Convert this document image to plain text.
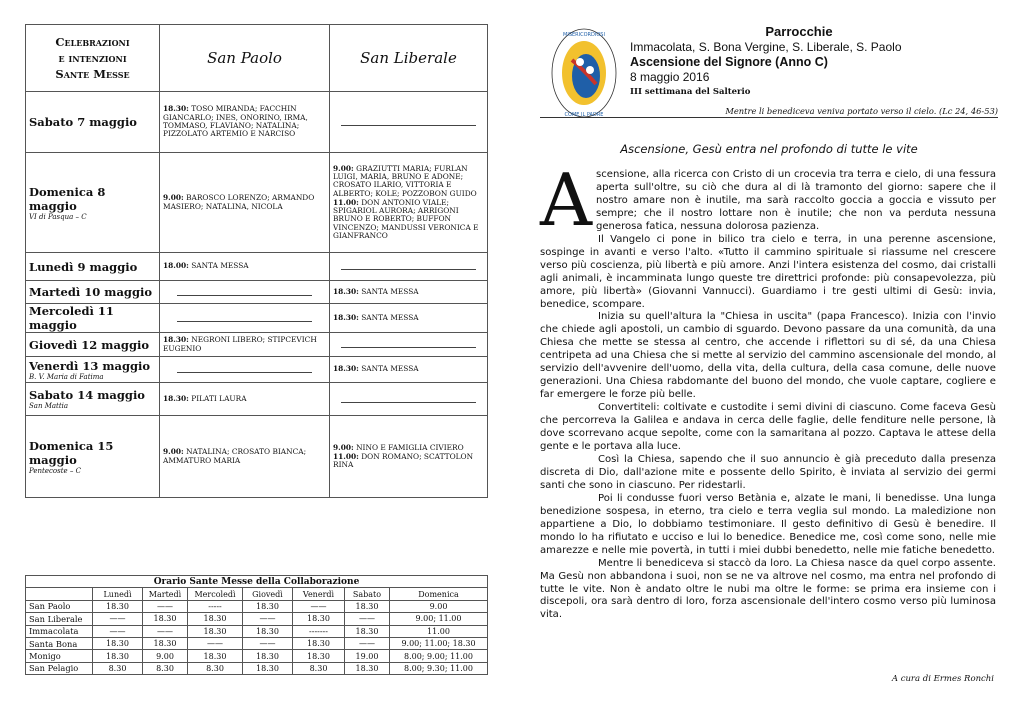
Celebrazioni
e intenzioni
Sante Messe	San Paolo	San Liberale
Sabato 7 maggio	18.30: TOSO MIRANDA; FACCHIN GIANCARLO; INES, ONORINO, IRMA, TOMMASO, FLAVIANO; NATALINA; PIZZOLATO ARTEMIO E NARCISO	

Domenica 8 maggio
VI di Pasqua – C	9.00: BAROSCO LORENZO; ARMANDO MASIERO; NATALINA, NICOLA	9.00: GRAZIUTTI MARIA; FURLAN LUIGI, MARIA, BRUNO E ADONE; CROSATO ILARIO, VITTORIA E ALBERTO; KOLE; POZZOBON GUIDO
11.00: DON ANTONIO VIALE; SPIGARIOL AURORA; ARRIGONI BRUNO E ROBERTO; BUFFON VINCENZO; MANDUSSI VERONICA E GIANFRANCO

Lunedì 9 maggio	18.00: SANTA MESSA	

Martedì 10 maggio		18.30: SANTA MESSA

Mercoledì 11 maggio		18.30: SANTA MESSA

Giovedì 12 maggio	18.30: NEGRONI LIBERO; STIPCEVICH EUGENIO	

Venerdì 13 maggio
B. V. Maria di Fatima		18.30: SANTA MESSA

Sabato 14 maggio
San Mattia	18.30: PILATI LAURA	

Domenica 15 maggio
Pentecoste – C	9.00: NATALINA; CROSATO BIANCA; AMMATURO MARIA	9.00: NINO E FAMIGLIA CIVIERO
11.00: DON ROMANO; SCATTOLON RINA
Orario Sante Messe della Collaborazione							
	Lunedì	Martedì	Mercoledì	Giovedì	Venerdì	Sabato	Domenica
San Paolo	18.30	——	-----	18.30	——	18.30	9.00
San Liberale	——	18.30	18.30	——	18.30	——	9.00; 11.00
Immacolata	——	——	18.30	18.30	-------	18.30	11.00
Santa Bona	18.30	18.30	——	——	18.30	——	9.00; 11.00; 18.30
Monigo	18.30	9.00	18.30	18.30	18.30	19.00	8.00; 9.00; 11.00
San Pelagio	8.30	8.30	8.30	18.30	8.30	18.30	8.00; 9.30; 11.00
MISERICORDIOSI
COME IL PADRE
Parrocchie
Immacolata, S. Bona Vergine, S. Liberale, S. Paolo
Ascensione del Signore (Anno C)
8 maggio 2016
III settimana del Salterio
Mentre li benediceva veniva portato verso il cielo. (Lc 24, 46-53)
Ascensione, Gesù entra nel profondo di tutte le vite

Ascensione, alla ricerca con Cristo di un crocevia tra terra e cielo, di una fessura aperta sull'oltre, su ciò che dura al di là tramonto del giorno: sapere che il nostro amare non è inutile, ma sarà raccolto goccia a goccia e vissuto per sempre; che il nostro lottare non è inutile; che non va perduta nessuna generosa fatica, nessuna dolorosa pazienza.

Il Vangelo ci pone in bilico tra cielo e terra, in una perenne ascensione, sospinge in avanti e verso l'alto. «Tutto il cammino spirituale si riassume nel crescere verso più coscienza, più libertà e più amore. Anzi l'intera esistenza del cosmo, dai cristalli agli animali, è incamminata lungo queste tre direttrici profonde: più consapevolezza, più amore, più libertà» (Giovanni Vannucci). Guardiamo i tre gesti ultimi di Gesù: invia, benedice, scompare.

Inizia su quell'altura la "Chiesa in uscita" (papa Francesco). Inizia con l'invio che chiede agli apostoli, un cambio di sguardo. Devono passare da una comunità, da una Chiesa che mette se stessa al centro, che accende i riflettori su di sé, da una Chiesa centripeta ad una Chiesa che si mette al servizio del cammino ascensionale del mondo, al servizio dell'avvenire dell'uomo, della vita, della cultura, della casa comune, delle nuove generazioni. Una Chiesa rabdomante del buono del mondo, che vuole captare, cogliere e far emergere le forze più belle.

Convertiteli: coltivate e custodite i semi divini di ciascuno. Come faceva Gesù che percorreva la Galilea e andava in cerca delle faglie, delle fenditure nelle persone, là dove scorrevano acque sepolte, come con la samaritana al pozzo. Captava le attese della gente e le portava alla luce.

Così la Chiesa, sapendo che il suo annuncio è già preceduto dalla presenza discreta di Dio, dall'azione mite e possente dello Spirito, è inviata al servizio dei germi santi che sono in ciascuno. Per ridestarli.

Poi li condusse fuori verso Betània e, alzate le mani, li benedisse. Una lunga benedizione sospesa, in eterno, tra cielo e terra veglia sul mondo. La maledizione non appartiene a Dio, lo dobbiamo testimoniare. Il gesto definitivo di Gesù è benedire. Il mondo lo ha rifiutato e ucciso e lui lo benedice. Benedice me, così come sono, nelle mie amarezze e nelle mie povertà, in tutti i miei dubbi benedetto, nelle mie fatiche benedetto.

Mentre li benediceva si staccò da loro. La Chiesa nasce da quel corpo assente. Ma Gesù non abbandona i suoi, non se ne va altrove nel cosmo, ma entra nel profondo di tutte le vite. Non è andato oltre le nubi ma oltre le forme: se prima era insieme con i discepoli, ora sarà dentro di loro, forza ascensionale dell'intero cosmo verso più luminosa vita.

A cura di Ermes Ronchi
